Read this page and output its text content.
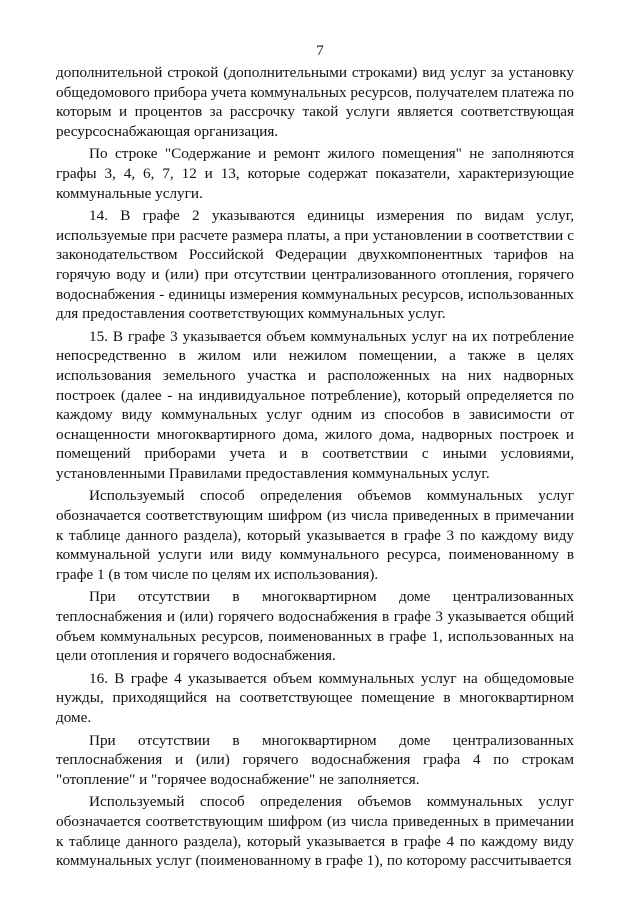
7

дополнительной строкой (дополнительными строками) вид услуг за установку общедомового прибора учета коммунальных ресурсов, получателем платежа по которым и процентов за рассрочку такой услуги является соответствующая ресурсоснабжающая организация.

По строке "Содержание и ремонт жилого помещения" не заполняются графы 3, 4, 6, 7, 12 и 13, которые содержат показатели, характеризующие коммунальные услуги.

14. В графе 2 указываются единицы измерения по видам услуг, используемые при расчете размера платы, а при установлении в соответствии с законодательством Российской Федерации двухкомпонентных тарифов на горячую воду и (или) при отсутствии централизованного отопления, горячего водоснабжения - единицы измерения коммунальных ресурсов, использованных для предоставления соответствующих коммунальных услуг.

15. В графе 3 указывается объем коммунальных услуг на их потребление непосредственно в жилом или нежилом помещении, а также в целях использования земельного участка и расположенных на них надворных построек (далее - на индивидуальное потребление), который определяется по каждому виду коммунальных услуг одним из способов в зависимости от оснащенности многоквартирного дома, жилого дома, надворных построек и помещений приборами учета и в соответствии с иными условиями, установленными Правилами предоставления коммунальных услуг.

Используемый способ определения объемов коммунальных услуг обозначается соответствующим шифром (из числа приведенных в примечании к таблице данного раздела), который указывается в графе 3 по каждому виду коммунальной услуги или виду коммунального ресурса, поименованному в графе 1 (в том числе по целям их использования).

При отсутствии в многоквартирном доме централизованных теплоснабжения и (или) горячего водоснабжения в графе 3 указывается общий объем коммунальных ресурсов, поименованных в графе 1, использованных на цели отопления и горячего водоснабжения.

16. В графе 4 указывается объем коммунальных услуг на общедомовые нужды, приходящийся на соответствующее помещение в многоквартирном доме.

При отсутствии в многоквартирном доме централизованных теплоснабжения и (или) горячего водоснабжения графа 4 по строкам "отопление" и "горячее водоснабжение" не заполняется.

Используемый способ определения объемов коммунальных услуг обозначается соответствующим шифром (из числа приведенных в примечании к таблице данного раздела), который указывается в графе 4 по каждому виду коммунальных услуг (поименованному в графе 1), по которому рассчитывается
